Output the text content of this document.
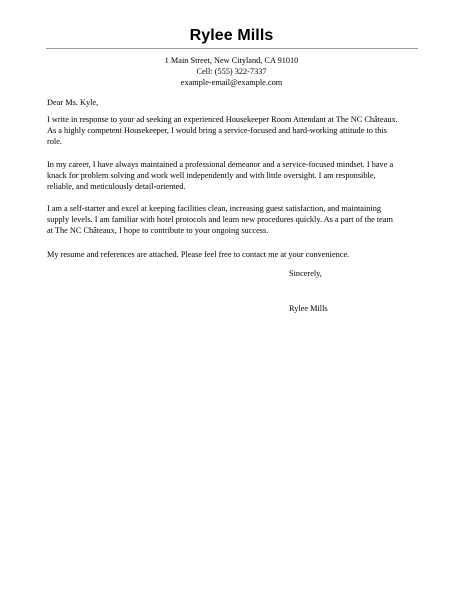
Rylee Mills
1 Main Street, New Cityland, CA 91010
Cell: (555) 322-7337
example-email@example.com

Dear Ms. Kyle,

I write in response to your ad seeking an experienced Housekeeper Room Attendant at The NC Châteaux.

As a highly competent Housekeeper, I would bring a service-focused and hard-working attitude to this

role.

In my career, I have always maintained a professional demeanor and a service-focused mindset. I have a

knack for problem solving and work well independently and with little oversight. I am responsible,

reliable, and meticulously detail-oriented.

I am a self-starter and excel at keeping facilities clean, increasing guest satisfaction, and maintaining

supply levels. I am familiar with hotel protocols and learn new procedures quickly. As a part of the team

at The NC Châteaux, I hope to contribute to your ongoing success.

My resume and references are attached. Please feel free to contact me at your convenience.

Sincerely,
Rylee Mills
